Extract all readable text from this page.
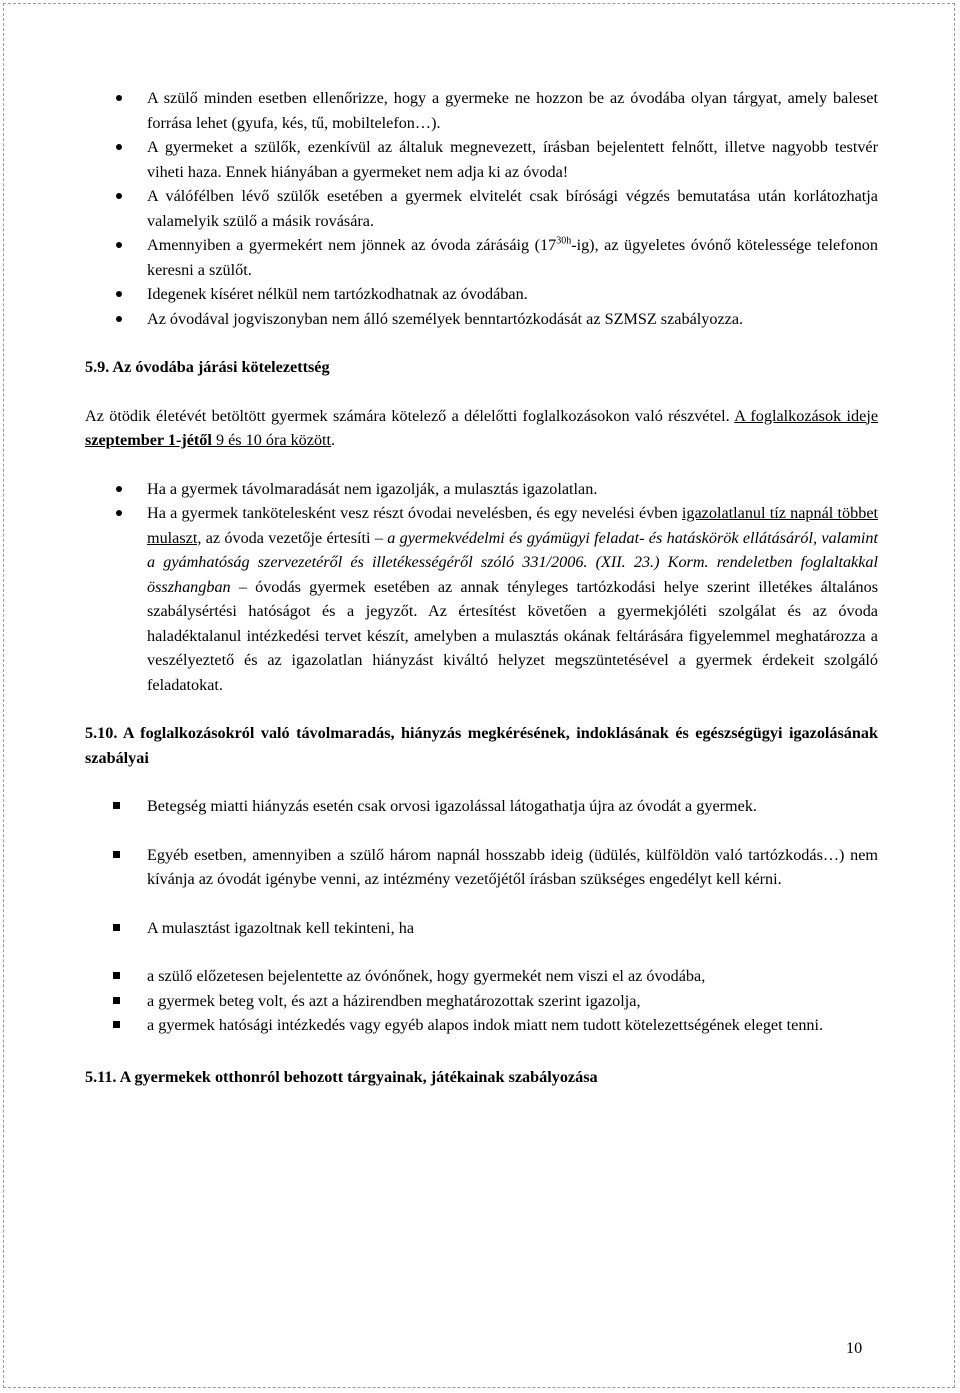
A szülő minden esetben ellenőrizze, hogy a gyermeke ne hozzon be az óvodába olyan tárgyat, amely baleset forrása lehet (gyufa, kés, tű, mobiltelefon…).
A gyermeket a szülők, ezenkívül az általuk megnevezett, írásban bejelentett felnőtt, illetve nagyobb testvér viheti haza. Ennek hiányában a gyermeket nem adja ki az óvoda!
A válófélben lévő szülők esetében a gyermek elvitelét csak bírósági végzés bemutatása után korlátozhatja valamelyik szülő a másik rovására.
Amennyiben a gyermekért nem jönnek az óvoda zárásáig $(17^{30h}-ig)$, az ügyeletes óvónő kötelessége telefonon keresni a szülőt.
Idegenek kíséret nélkül nem tartózkodhatnak az óvodában.
Az óvodával jogviszonyban nem álló személyek benntartózkodását az SZMSZ szabályozza.

5.9. Az óvodába járási kötelezettség

Az ötödik életévét betöltött gyermek számára kötelező a délelőtti foglalkozásokon való részvétel. A foglalkozások ideje szeptember 1-jétől 9 és 10 óra között.

Ha a gyermek távolmaradását nem igazolják, a mulasztás igazolatlan.
Ha a gyermek tankötelesként vesz részt óvodai nevelésben, és egy nevelési évben igazolatlanul tíz napnál többet mulaszt, az óvoda vezetője értesíti – a gyermekvédelmi és gyámügyi feladat- és hatáskörök ellátásáról, valamint a gyámhatóság szervezetéről és illetékességéről szóló 331/2006. (XII. 23.) Korm. rendeletben foglaltakkal összhangban – óvodás gyermek esetében az annak tényleges tartózkodási helye szerint illetékes általános szabálysértési hatóságot és a jegyzőt. Az értesítést követően a gyermekjóléti szolgálat és az óvoda haladéktalanul intézkedési tervet készít, amelyben a mulasztás okának feltárására figyelemmel meghatározza a veszélyeztető és az igazolatlan hiányzást kiváltó helyzet megszüntetésével a gyermek érdekeit szolgáló feladatokat.

5.10. A foglalkozásokról való távolmaradás, hiányzás megkérésének, indoklásának és egészségügyi igazolásának szabályai

Betegség miatti hiányzás esetén csak orvosi igazolással látogathatja újra az óvodát a gyermek.
Egyéb esetben, amennyiben a szülő három napnál hosszabb ideig (üdülés, külföldön való tartózkodás…) nem kívánja az óvodát igénybe venni, az intézmény vezetőjétől írásban szükséges engedélyt kell kérni.
A mulasztást igazoltnak kell tekinteni, ha
a szülő előzetesen bejelentette az óvónőnek, hogy gyermekét nem viszi el az óvodába,
a gyermek beteg volt, és azt a házirendben meghatározottak szerint igazolja,
a gyermek hatósági intézkedés vagy egyéb alapos indok miatt nem tudott kötelezettségének eleget tenni.

5.11. A gyermekek otthonról behozott tárgyainak, játékainak szabályozása

10
